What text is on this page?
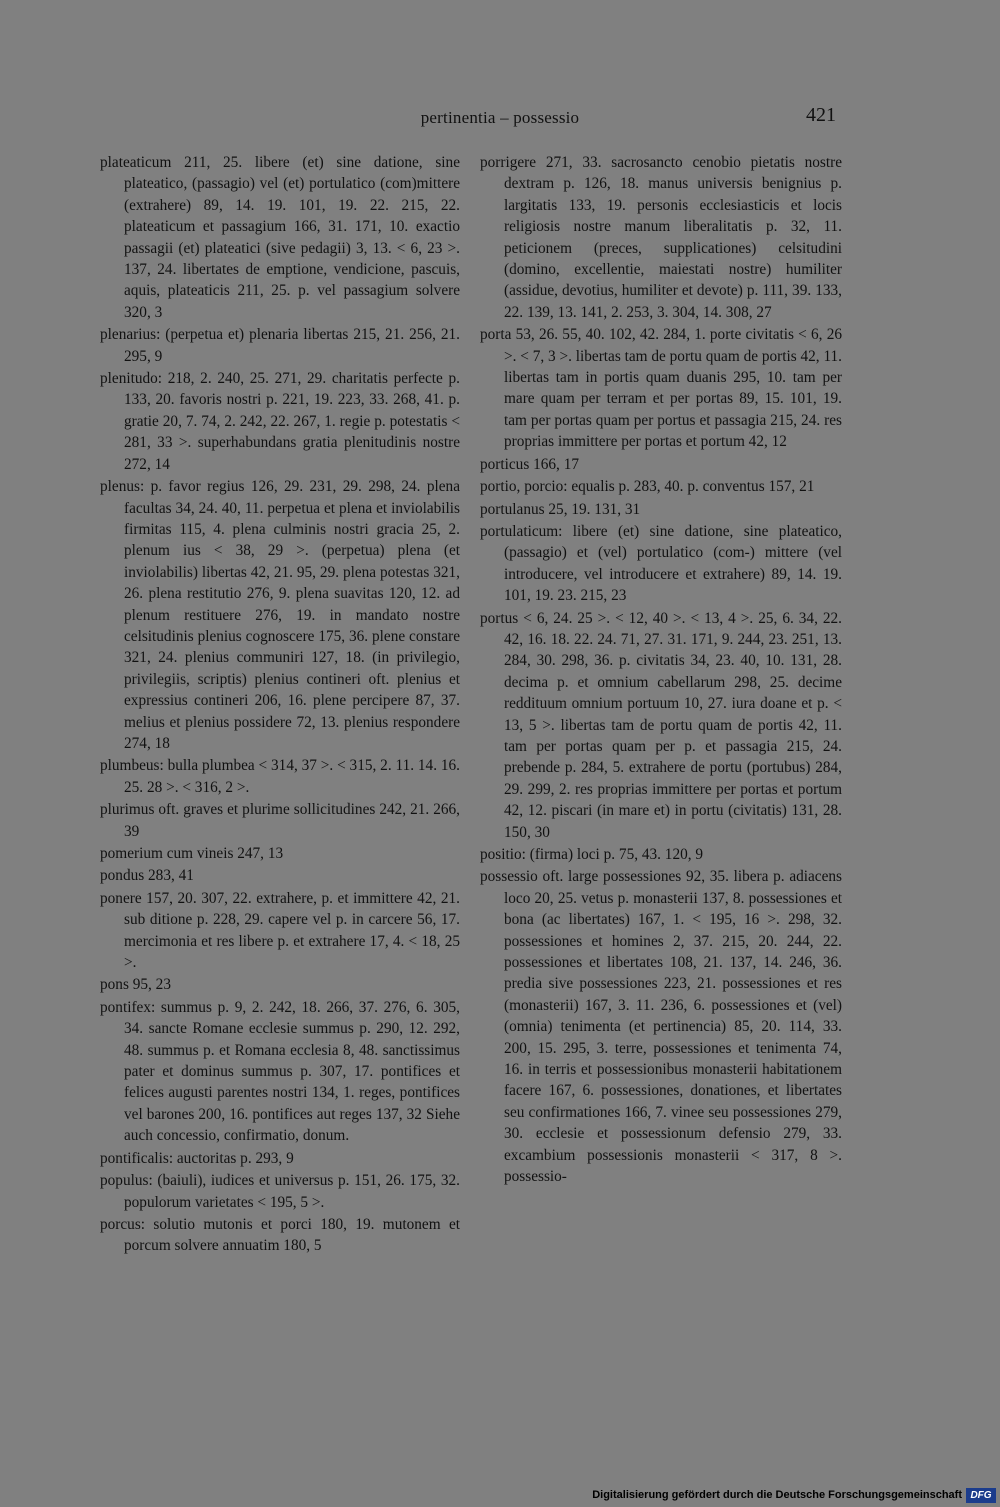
pertinentia – possessio	421

plateaticum 211, 25. libere (et) sine datione, sine plateatico, (passagio) vel (et) portulatico (com)mittere (extrahere) 89, 14. 19. 101, 19. 22. 215, 22. plateaticum et passagium 166, 31. 171, 10. exactio passagii (et) plateatici (sive pedagii) 3, 13. < 6, 23 >. 137, 24. libertates de emptione, vendicione, pascuis, aquis, plateaticis 211, 25. p. vel passagium solvere 320, 3

plenarius: (perpetua et) plenaria libertas 215, 21. 256, 21. 295, 9

plenitudo: 218, 2. 240, 25. 271, 29. charitatis perfecte p. 133, 20. favoris nostri p. 221, 19. 223, 33. 268, 41. p. gratie 20, 7. 74, 2. 242, 22. 267, 1. regie p. potestatis < 281, 33 >. superhabundans gratia plenitudinis nostre 272, 14

plenus: p. favor regius 126, 29. 231, 29. 298, 24. plena facultas 34, 24. 40, 11. perpetua et plena et inviolabilis firmitas 115, 4. plena culminis nostri gracia 25, 2. plenum ius < 38, 29 >. (perpetua) plena (et inviolabilis) libertas 42, 21. 95, 29. plena potestas 321, 26. plena restitutio 276, 9. plena suavitas 120, 12. ad plenum restituere 276, 19. in mandato nostre celsitudinis plenius cognoscere 175, 36. plene constare 321, 24. plenius communiri 127, 18. (in privilegio, privilegiis, scriptis) plenius contineri oft. plenius et expressius contineri 206, 16. plene percipere 87, 37. melius et plenius possidere 72, 13. plenius respondere 274, 18

plumbeus: bulla plumbea < 314, 37 >. < 315, 2. 11. 14. 16. 25. 28 >. < 316, 2 >.

plurimus oft. graves et plurime sollicitudines 242, 21. 266, 39

pomerium cum vineis 247, 13

pondus 283, 41

ponere 157, 20. 307, 22. extrahere, p. et immittere 42, 21. sub ditione p. 228, 29. capere vel p. in carcere 56, 17. mercimonia et res libere p. et extrahere 17, 4. < 18, 25 >.

pons 95, 23

pontifex: summus p. 9, 2. 242, 18. 266, 37. 276, 6. 305, 34. sancte Romane ecclesie summus p. 290, 12. 292, 48. summus p. et Romana ecclesia 8, 48. sanctissimus pater et dominus summus p. 307, 17. pontifices et felices augusti parentes nostri 134, 1. reges, pontifices vel barones 200, 16. pontifices aut reges 137, 32 Siehe auch concessio, confirmatio, donum.

pontificalis: auctoritas p. 293, 9

populus: (baiuli), iudices et universus p. 151, 26. 175, 32. populorum varietates < 195, 5 >.

porcus: solutio mutonis et porci 180, 19. mutonem et porcum solvere annuatim 180, 5

porrigere 271, 33. sacrosancto cenobio pietatis nostre dextram p. 126, 18. manus universis benignius p. largitatis 133, 19. personis ecclesiasticis et locis religiosis nostre manum liberalitatis p. 32, 11. peticionem (preces, supplicationes) celsitudini (domino, excellentie, maiestati nostre) humiliter (assidue, devotius, humiliter et devote) p. 111, 39. 133, 22. 139, 13. 141, 2. 253, 3. 304, 14. 308, 27

porta 53, 26. 55, 40. 102, 42. 284, 1. porte civitatis < 6, 26 >. < 7, 3 >. libertas tam de portu quam de portis 42, 11. libertas tam in portis quam duanis 295, 10. tam per mare quam per terram et per portas 89, 15. 101, 19. tam per portas quam per portus et passagia 215, 24. res proprias immittere per portas et portum 42, 12

porticus 166, 17

portio, porcio: equalis p. 283, 40. p. conventus 157, 21

portulanus 25, 19. 131, 31

portulaticum: libere (et) sine datione, sine plateatico, (passagio) et (vel) portulatico (com-) mittere (vel introducere, vel introducere et extrahere) 89, 14. 19. 101, 19. 23. 215, 23

portus < 6, 24. 25 >. < 12, 40 >. < 13, 4 >. 25, 6. 34, 22. 42, 16. 18. 22. 24. 71, 27. 31. 171, 9. 244, 23. 251, 13. 284, 30. 298, 36. p. civitatis 34, 23. 40, 10. 131, 28. decima p. et omnium cabellarum 298, 25. decime reddituum omnium portuum 10, 27. iura doane et p. < 13, 5 >. libertas tam de portu quam de portis 42, 11. tam per portas quam per p. et passagia 215, 24. prebende p. 284, 5. extrahere de portu (portubus) 284, 29. 299, 2. res proprias immittere per portas et portum 42, 12. piscari (in mare et) in portu (civitatis) 131, 28. 150, 30

positio: (firma) loci p. 75, 43. 120, 9

possessio oft. large possessiones 92, 35. libera p. adiacens loco 20, 25. vetus p. monasterii 137, 8. possessiones et bona (ac libertates) 167, 1. < 195, 16 >. 298, 32. possessiones et homines 2, 37. 215, 20. 244, 22. possessiones et libertates 108, 21. 137, 14. 246, 36. predia sive possessiones 223, 21. possessiones et res (monasterii) 167, 3. 11. 236, 6. possessiones et (vel) (omnia) tenimenta (et pertinencia) 85, 20. 114, 33. 200, 15. 295, 3. terre, possessiones et tenimenta 74, 16. in terris et possessionibus monasterii habitationem facere 167, 6. possessiones, donationes, et libertates seu confirmationes 166, 7. vinee seu possessiones 279, 30. ecclesie et possessionum defensio 279, 33. excambium possessionis monasterii < 317, 8 >. possessio-

Digitalisierung gefördert durch die Deutsche Forschungsgemeinschaft DFG
